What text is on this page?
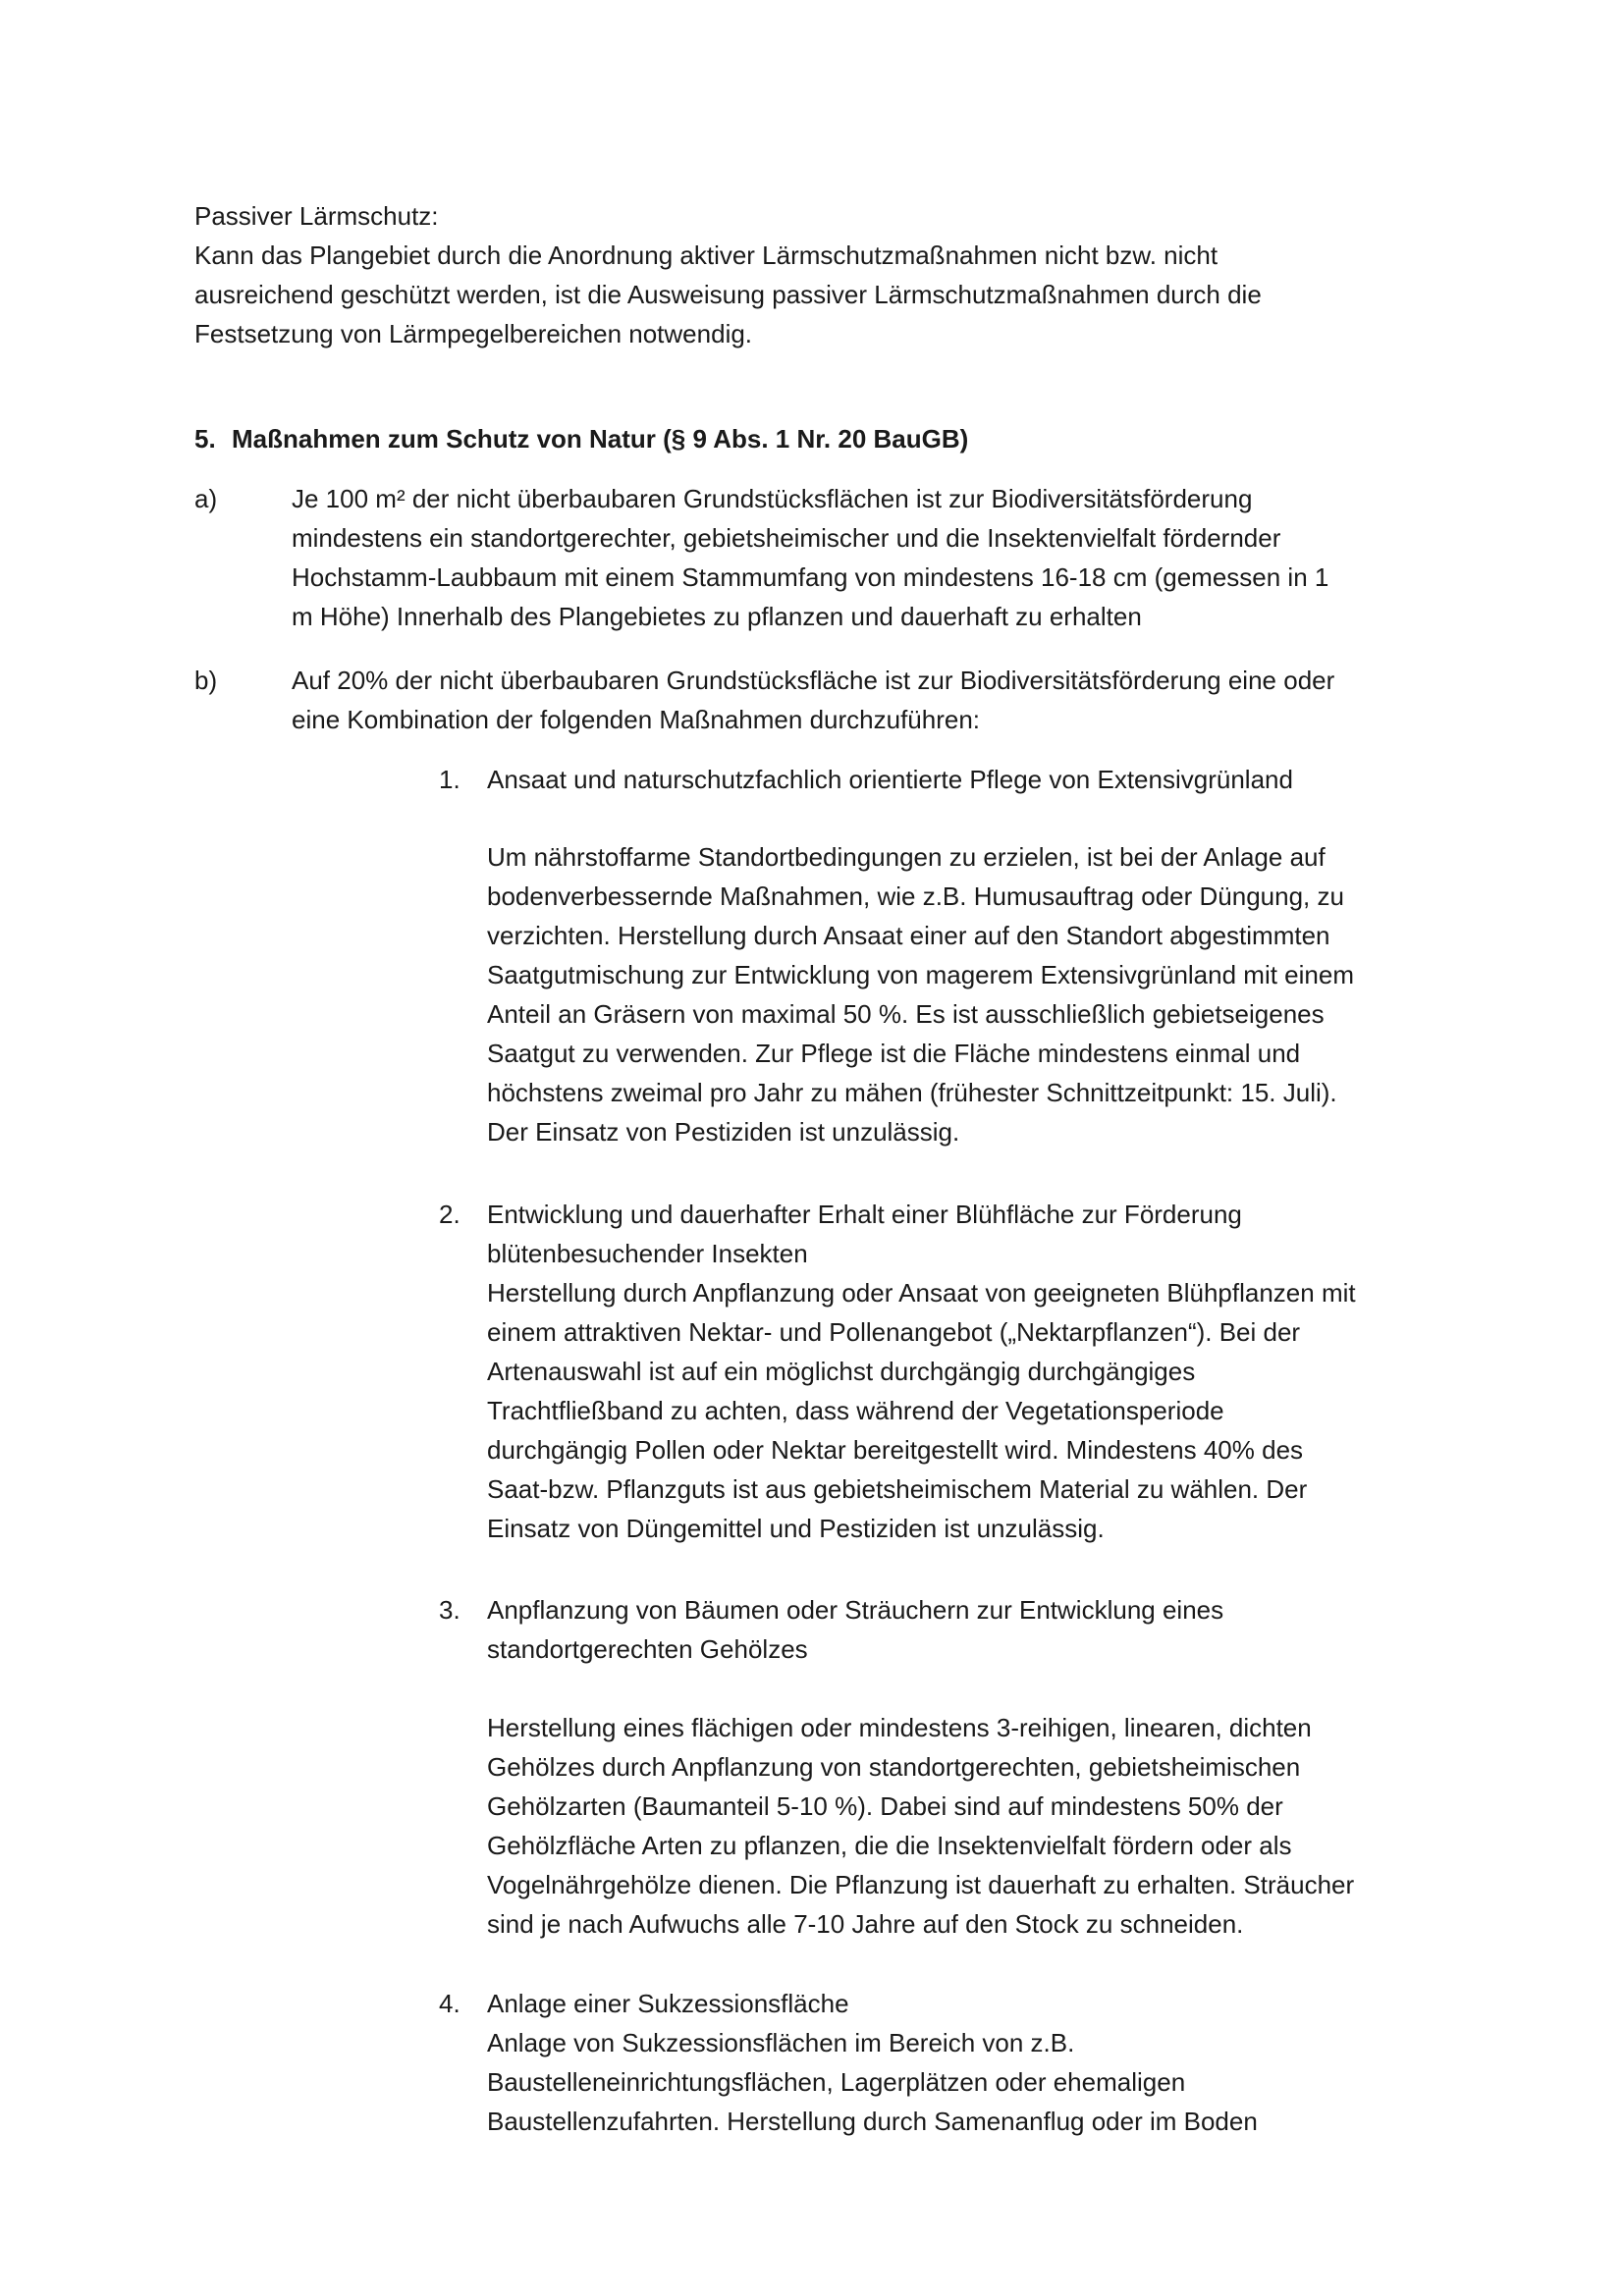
Passiver Lärmschutz:
Kann das Plangebiet durch die Anordnung aktiver Lärmschutzmaßnahmen nicht bzw. nicht
ausreichend geschützt werden, ist die Ausweisung passiver Lärmschutzmaßnahmen durch die
Festsetzung von Lärmpegelbereichen notwendig.
5. Maßnahmen zum Schutz von Natur (§ 9 Abs. 1 Nr. 20 BauGB)
a)	Je 100 m² der nicht überbaubaren Grundstücksflächen ist zur Biodiversitätsförderung
mindestens ein standortgerechter, gebietsheimischer und die Insektenvielfalt fördernder
Hochstamm-Laubbaum mit einem Stammumfang von mindestens 16-18 cm (gemessen in 1
m Höhe) Innerhalb des Plangebietes zu pflanzen und dauerhaft zu erhalten
b)	Auf 20% der nicht überbaubaren Grundstücksfläche ist zur Biodiversitätsförderung eine oder
eine Kombination der folgenden Maßnahmen durchzuführen:
1. Ansaat und naturschutzfachlich orientierte Pflege von Extensivgrünland
Um nährstoffarme Standortbedingungen zu erzielen, ist bei der Anlage auf
bodenverbessernde Maßnahmen, wie z.B. Humusauftrag oder Düngung, zu
verzichten. Herstellung durch Ansaat einer auf den Standort abgestimmten
Saatgutmischung zur Entwicklung von magerem Extensivgrünland mit einem
Anteil an Gräsern von maximal 50 %. Es ist ausschließlich gebietseigenes
Saatgut zu verwenden. Zur Pflege ist die Fläche mindestens einmal und
höchstens zweimal pro Jahr zu mähen (frühester Schnittzeitpunkt: 15. Juli).
Der Einsatz von Pestiziden ist unzulässig.
2. Entwicklung und dauerhafter Erhalt einer Blühfläche zur Förderung
blütenbesuchender Insekten
Herstellung durch Anpflanzung oder Ansaat von geeigneten Blühpflanzen mit
einem attraktiven Nektar- und Pollenangebot („Nektarpflanzen“). Bei der
Artenauswahl ist auf ein möglichst durchgängig durchgängiges
Trachtfließband zu achten, dass während der Vegetationsperiode
durchgängig Pollen oder Nektar bereitgestellt wird. Mindestens 40% des
Saat-bzw. Pflanzguts ist aus gebietsheimischem Material zu wählen. Der
Einsatz von Düngemittel und Pestiziden ist unzulässig.
3. Anpflanzung von Bäumen oder Sträuchern zur Entwicklung eines
standortgerechten Gehölzes
Herstellung eines flächigen oder mindestens 3-reihigen, linearen, dichten
Gehölzes durch Anpflanzung von standortgerechten, gebietsheimischen
Gehölzarten (Baumanteil 5-10 %). Dabei sind auf mindestens 50% der
Gehölzfläche Arten zu pflanzen, die die Insektenvielfalt fördern oder als
Vogelnährgehölze dienen. Die Pflanzung ist dauerhaft zu erhalten. Sträucher
sind je nach Aufwuchs alle 7-10 Jahre auf den Stock zu schneiden.
4. Anlage einer Sukzessionsfläche
Anlage von Sukzessionsflächen im Bereich von z.B.
Baustelleneinrichtungsflächen, Lagerplätzen oder ehemaligen
Baustellenzufahrten. Herstellung durch Samenanflug oder im Boden
